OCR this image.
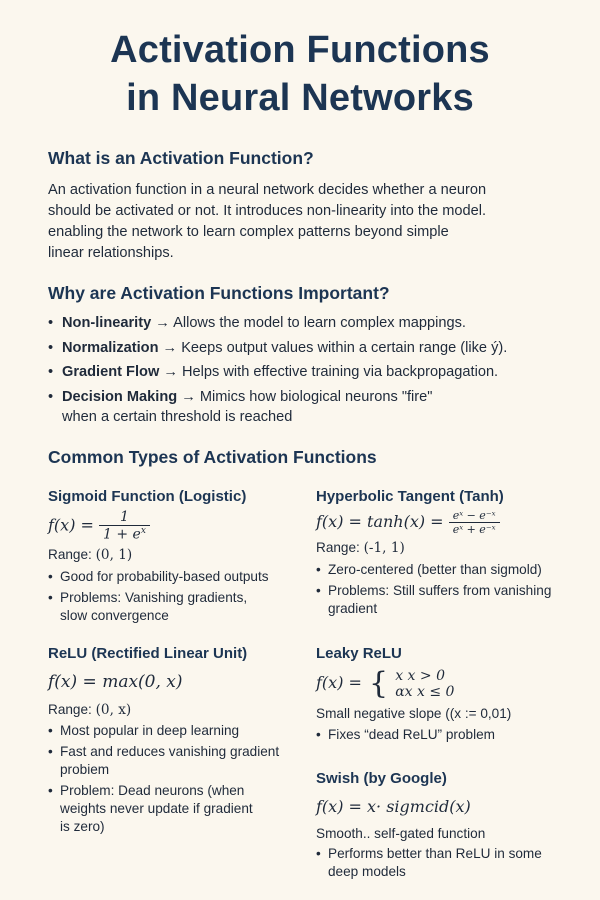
Activation Functions
in Neural Networks
What is an Activation Function?
An activation function in a neural network decides whether a neuron
should be activated or not. It introduces non-linearity into the model.
enabling the network to learn complex patterns beyond simple
linear relationships.
Why are Activation Functions Important?
• Non-linearity → Allows the model to learn complex mappings.
• Normalization → Keeps output values within a certain range (like ý).
• Gradient Flow → Helps with effective training via backpropagation.
• Decision Making → Mimics how biological neurons "fire"
when a certain threshold is reached
Common Types of Activation Functions
Sigmoid Function (Logistic)
$f(x) = \frac{1}{1 + e^x}$
Range: (0, 1)
• Good for probability-based outputs
• Problems: Vanishing gradients,
slow convergence
Hyperbolic Tangent (Tanh)
$f(x) = \tanh(x) = \frac{\text{eˣ − e⁻ˣ}}{\text{eˣ + e⁻ˣ}}$
Range: (-1, 1)
• Zero-centered (better than sigmold)
• Problems: Still suffers from vanishing
gradient
ReLU (Rectified Linear Unit)
f(x) = max(0, x)
Range: (0, x)
• Most popular in deep learning
• Fast and reduces vanishing gradient
probiem
• Problem: Dead neurons (when
weights never update if gradient
is zero)
Leaky ReLU
f(x) = { x x > 0
αx x ≤ 0
Small negative slope ((x := 0,01)
• Fixes “dead ReLU” problem
Swish (by Google)
f(x) = x· sigmcid(x)
Smooth.. self-gated function
• Performs better than ReLU in some
deep models
